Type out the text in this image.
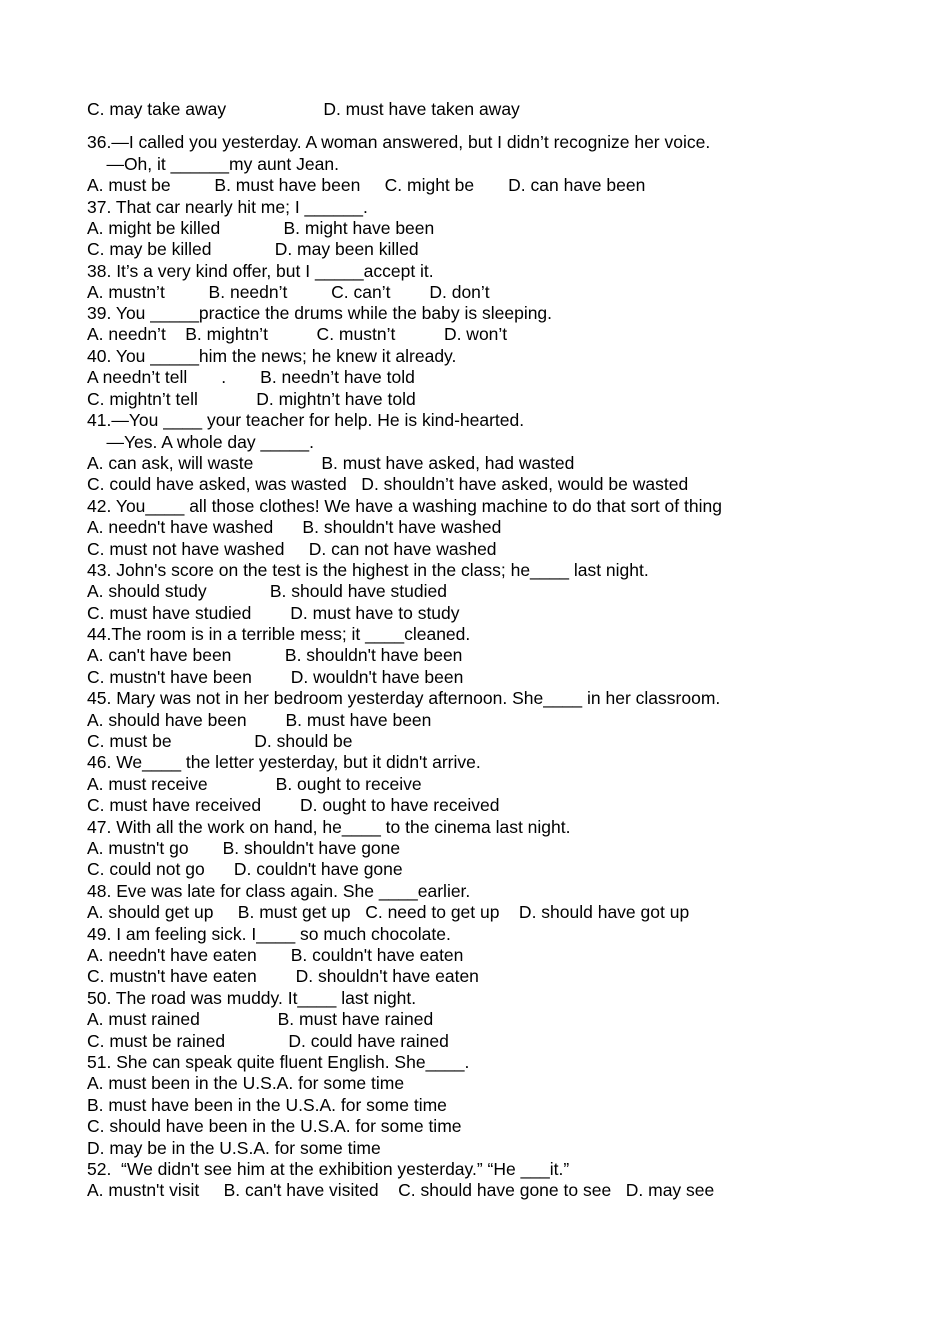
C. may take away                    D. must have taken away
36.—I called you yesterday. A woman answered, but I didn’t recognize her voice.
—Oh, it ______my aunt Jean.
A. must be         B. must have been     C. might be       D. can have been
37. That car nearly hit me; I ______.
A. might be killed             B. might have been
C. may be killed             D. may been killed
38. It’s a very kind offer, but I _____accept it.
A. mustn’t         B. needn’t         C. can’t        D. don’t
39. You _____practice the drums while the baby is sleeping.
A. needn’t    B. mightn’t          C. mustn’t          D. won’t
40. You _____him the news; he knew it already.
A needn’t tell       .       B. needn’t have told
C. mightn’t tell            D. mightn’t have told
41.—You ____ your teacher for help. He is kind-hearted.
—Yes. A whole day _____.
A. can ask, will waste              B. must have asked, had wasted
C. could have asked, was wasted   D. shouldn’t have asked, would be wasted
42. You____ all those clothes! We have a washing machine to do that sort of thing
A. needn't have washed      B. shouldn't have washed
C. must not have washed     D. can not have washed
43. John's score on the test is the highest in the class; he____ last night.
A. should study             B. should have studied
C. must have studied        D. must have to study
44.The room is in a terrible mess; it ____cleaned.
A. can't have been           B. shouldn't have been
C. mustn't have been        D. wouldn't have been
45. Mary was not in her bedroom yesterday afternoon. She____ in her classroom.
A. should have been        B. must have been
C. must be                 D. should be
46. We____ the letter yesterday, but it didn't arrive.
A. must receive              B. ought to receive
C. must have received        D. ought to have received
47. With all the work on hand, he____ to the cinema last night.
A. mustn't go       B. shouldn't have gone
C. could not go      D. couldn't have gone
48. Eve was late for class again. She ____earlier.
A. should get up     B. must get up   C. need to get up    D. should have got up
49. I am feeling sick. I____ so much chocolate.
A. needn't have eaten       B. couldn't have eaten
C. mustn't have eaten        D. shouldn't have eaten
50. The road was muddy. It____ last night.
A. must rained                B. must have rained
C. must be rained             D. could have rained
51. She can speak quite fluent English. She____.
A. must been in the U.S.A. for some time
B. must have been in the U.S.A. for some time
C. should have been in the U.S.A. for some time
D. may be in the U.S.A. for some time
52.  “We didn't see him at the exhibition yesterday.” “He ___it.”
A. mustn't visit     B. can't have visited    C. should have gone to see   D. may see
